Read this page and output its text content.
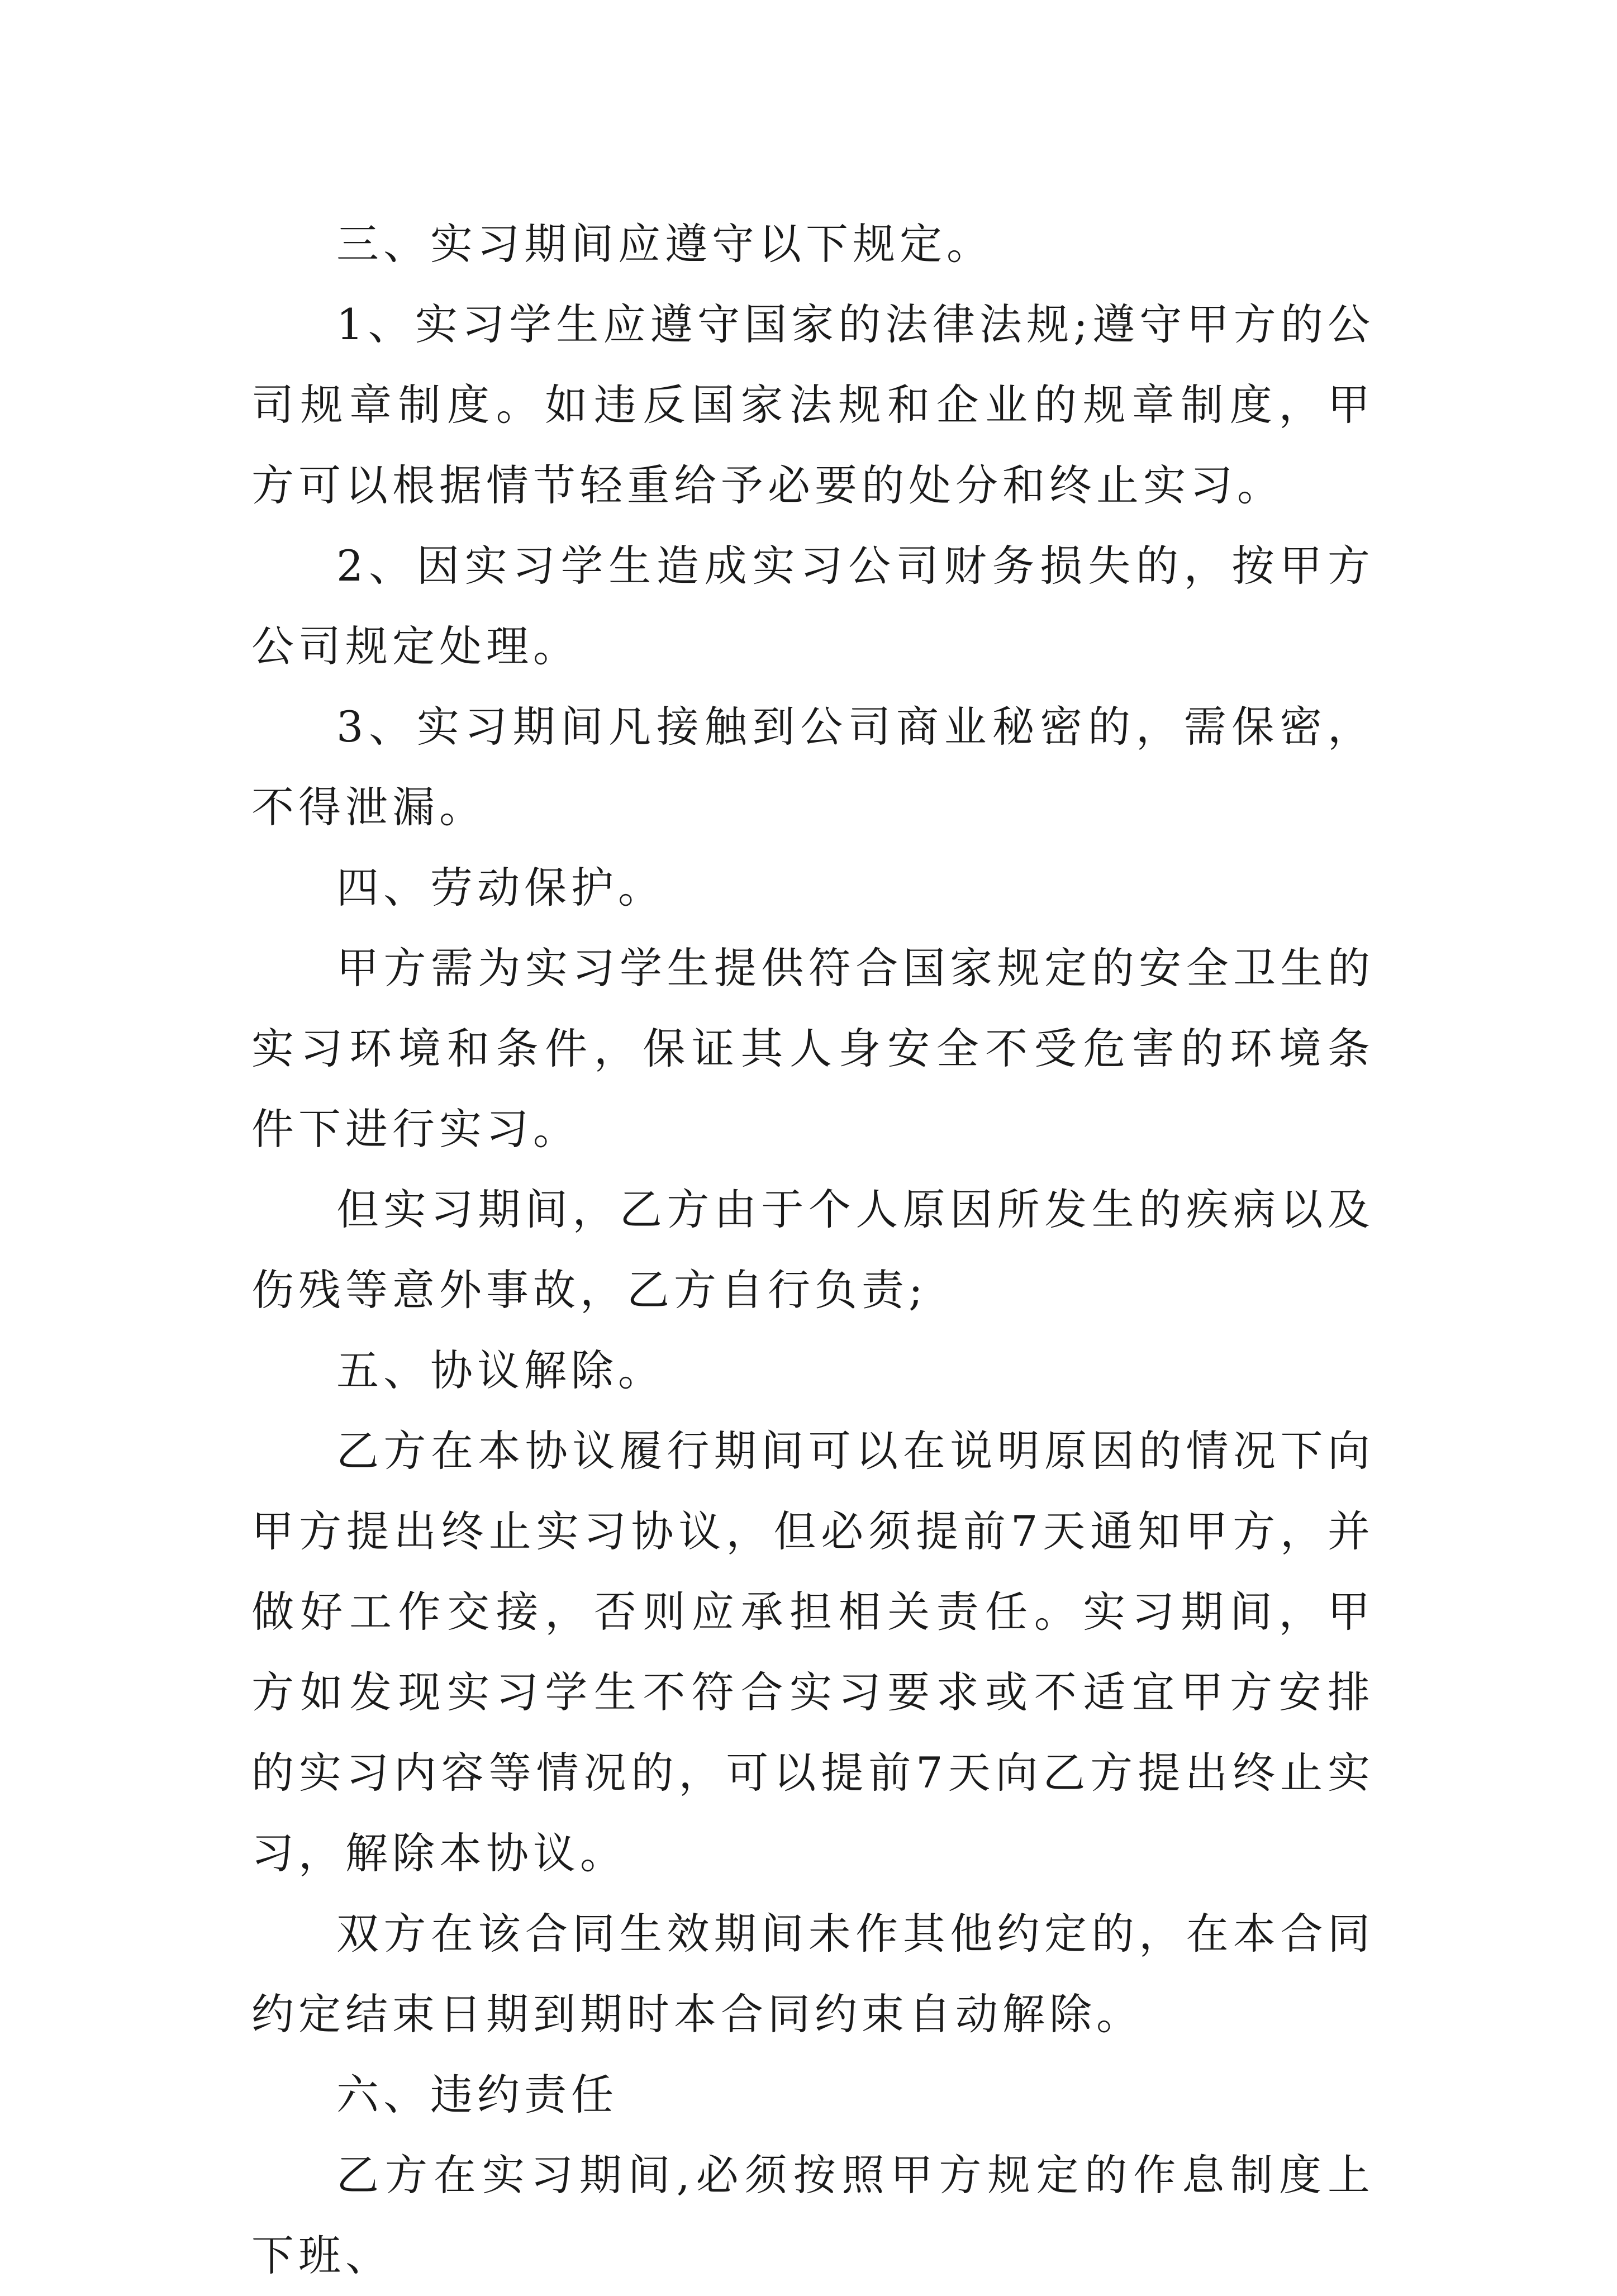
三、实习期间应遵守以下规定。

1、实习学生应遵守国家的法律法规;遵守甲方的公司规章制度。如违反国家法规和企业的规章制度，甲方可以根据情节轻重给予必要的处分和终止实习。

2、因实习学生造成实习公司财务损失的，按甲方公司规定处理。

3、实习期间凡接触到公司商业秘密的，需保密，不得泄漏。

四、劳动保护。

甲方需为实习学生提供符合国家规定的安全卫生的实习环境和条件，保证其人身安全不受危害的环境条件下进行实习。

但实习期间，乙方由于个人原因所发生的疾病以及伤残等意外事故，乙方自行负责;

五、协议解除。

乙方在本协议履行期间可以在说明原因的情况下向甲方提出终止实习协议，但必须提前7天通知甲方，并做好工作交接，否则应承担相关责任。实习期间，甲方如发现实习学生不符合实习要求或不适宜甲方安排的实习内容等情况的，可以提前7天向乙方提出终止实习，解除本协议。

双方在该合同生效期间未作其他约定的，在本合同约定结束日期到期时本合同约束自动解除。

六、违约责任

乙方在实习期间,必须按照甲方规定的作息制度上下班、
